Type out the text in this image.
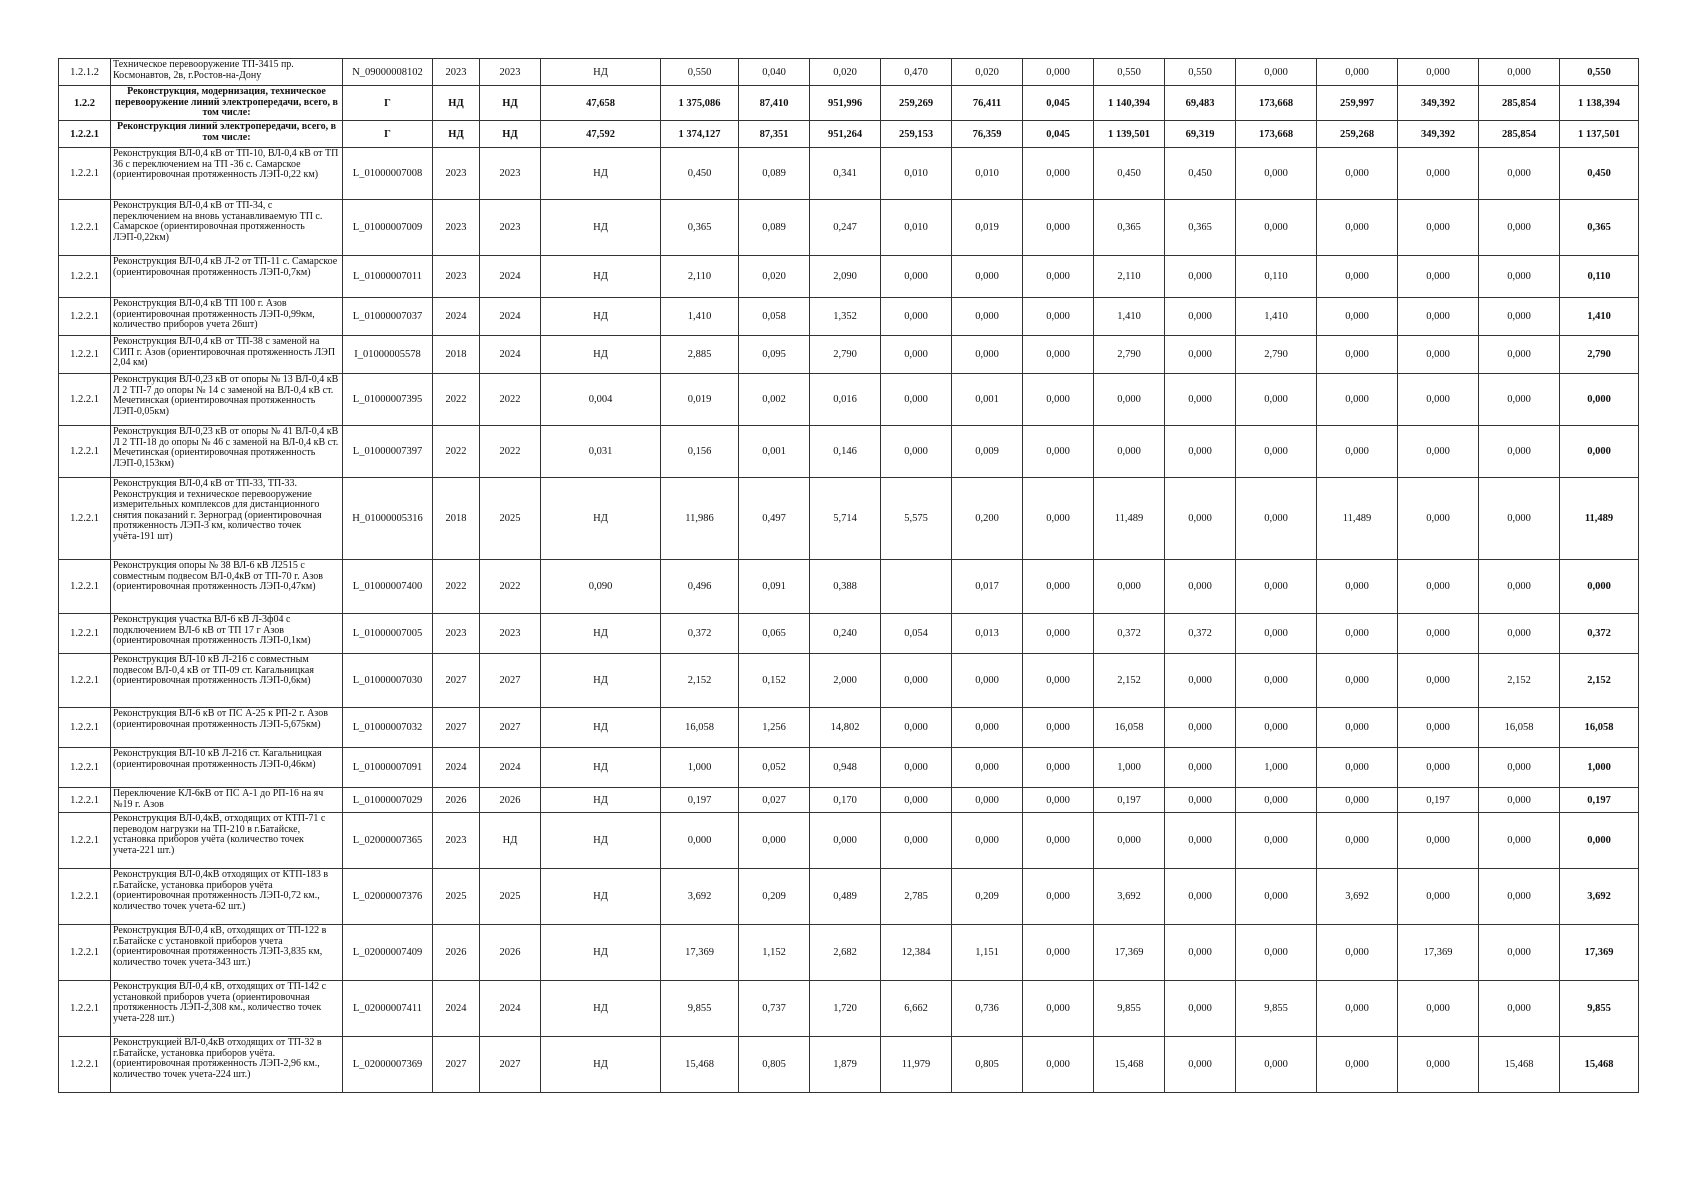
1.2.1.2	Техническое перевооружение ТП-3415 пр. Космонавтов, 2в, г.Ростов-на-Дону	N_09000008102	2023	2023	НД	0,550	0,040	0,020	0,470	0,020	0,000	0,550	0,550	0,000	0,000	0,000	0,000	0,550
1.2.2	Реконструкция, модернизация, техническое перевооружение линий электропередачи, всего, в том числе:	Г	НД	НД	47,658	1 375,086	87,410	951,996	259,269	76,411	0,045	1 140,394	69,483	173,668	259,997	349,392	285,854	1 138,394
1.2.2.1	Реконструкция линий электропередачи, всего, в том числе:	Г	НД	НД	47,592	1 374,127	87,351	951,264	259,153	76,359	0,045	1 139,501	69,319	173,668	259,268	349,392	285,854	1 137,501
1.2.2.1	Реконструкция ВЛ-0,4 кВ от ТП-10, ВЛ-0,4 кВ от ТП 36 с переключением на ТП -36 с. Самарское (ориентировочная протяженность ЛЭП-0,22 км)	L_01000007008	2023	2023	НД	0,450	0,089	0,341	0,010	0,010	0,000	0,450	0,450	0,000	0,000	0,000	0,000	0,450
1.2.2.1	Реконструкция ВЛ-0,4 кВ от ТП-34, с переключением на вновь устанавливаемую ТП с. Самарское (ориентировочная протяженность ЛЭП-0,22км)	L_01000007009	2023	2023	НД	0,365	0,089	0,247	0,010	0,019	0,000	0,365	0,365	0,000	0,000	0,000	0,000	0,365
1.2.2.1	Реконструкция ВЛ-0,4 кВ Л-2 от ТП-11 с. Самарское (ориентировочная протяженность ЛЭП-0,7км)	L_01000007011	2023	2024	НД	2,110	0,020	2,090	0,000	0,000	0,000	2,110	0,000	0,110	0,000	0,000	0,000	0,110
1.2.2.1	Реконструкция ВЛ-0,4 кВ ТП 100 г. Азов (ориентировочная протяженность ЛЭП-0,99км, количество приборов учета 26шт)	L_01000007037	2024	2024	НД	1,410	0,058	1,352	0,000	0,000	0,000	1,410	0,000	1,410	0,000	0,000	0,000	1,410
1.2.2.1	Реконструкция ВЛ-0,4 кВ от ТП-38 с заменой на СИП г. Азов (ориентировочная протяженность ЛЭП 2,04 км)	I_01000005578	2018	2024	НД	2,885	0,095	2,790	0,000	0,000	0,000	2,790	0,000	2,790	0,000	0,000	0,000	2,790
1.2.2.1	Реконструкция ВЛ-0,23 кВ от опоры № 13 ВЛ-0,4 кВ Л 2 ТП-7 до опоры № 14 с заменой на ВЛ-0,4 кВ ст. Мечетинская (ориентировочная протяженность ЛЭП-0,05км)	L_01000007395	2022	2022	0,004	0,019	0,002	0,016	0,000	0,001	0,000	0,000	0,000	0,000	0,000	0,000	0,000	0,000
1.2.2.1	Реконструкция ВЛ-0,23 кВ от опоры № 41 ВЛ-0,4 кВ Л 2 ТП-18 до опоры № 46 с заменой на ВЛ-0,4 кВ ст. Мечетинская (ориентировочная протяженность ЛЭП-0,153км)	L_01000007397	2022	2022	0,031	0,156	0,001	0,146	0,000	0,009	0,000	0,000	0,000	0,000	0,000	0,000	0,000	0,000
1.2.2.1	Реконструкция ВЛ-0,4 кВ от ТП-33, ТП-33. Реконструкция и техническое перевооружение измерительных комплексов для дистанционного снятия показаний г. Зерноград (ориентировочная протяженность ЛЭП-3 км, количество точек учёта-191 шт)	H_01000005316	2018	2025	НД	11,986	0,497	5,714	5,575	0,200	0,000	11,489	0,000	0,000	11,489	0,000	0,000	11,489
1.2.2.1	Реконструкция опоры № 38 ВЛ-6 кВ Л2515 с совместным подвесом ВЛ-0,4кВ от ТП-70 г. Азов (ориентировочная протяженность ЛЭП-0,47км)	L_01000007400	2022	2022	0,090	0,496	0,091	0,388		0,017	0,000	0,000	0,000	0,000	0,000	0,000	0,000	0,000
1.2.2.1	Реконструкция участка ВЛ-6 кВ Л-3ф04 с подключением ВЛ-6 кВ от ТП 17 г Азов (ориентировочная протяженность ЛЭП-0,1км)	L_01000007005	2023	2023	НД	0,372	0,065	0,240	0,054	0,013	0,000	0,372	0,372	0,000	0,000	0,000	0,000	0,372
1.2.2.1	Реконструкция ВЛ-10 кВ Л-216 с совместным подвесом ВЛ-0,4 кВ от ТП-09 ст. Кагальницкая (ориентировочная протяженность ЛЭП-0,6км)	L_01000007030	2027	2027	НД	2,152	0,152	2,000	0,000	0,000	0,000	2,152	0,000	0,000	0,000	0,000	2,152	2,152
1.2.2.1	Реконструкция ВЛ-6 кВ от ПС А-25 к РП-2 г. Азов (ориентировочная протяженность ЛЭП-5,675км)	L_01000007032	2027	2027	НД	16,058	1,256	14,802	0,000	0,000	0,000	16,058	0,000	0,000	0,000	0,000	16,058	16,058
1.2.2.1	Реконструкция ВЛ-10 кВ Л-216 ст. Кагальницкая (ориентировочная протяженность ЛЭП-0,46км)	L_01000007091	2024	2024	НД	1,000	0,052	0,948	0,000	0,000	0,000	1,000	0,000	1,000	0,000	0,000	0,000	1,000
1.2.2.1	Переключение КЛ-6кВ от ПС А-1 до РП-16 на яч №19 г. Азов	L_01000007029	2026	2026	НД	0,197	0,027	0,170	0,000	0,000	0,000	0,197	0,000	0,000	0,000	0,197	0,000	0,197
1.2.2.1	Реконструкция ВЛ-0,4кВ, отходящих от КТП-71 с переводом нагрузки на ТП-210 в г.Батайске, установка приборов учёта (количество точек учета-221 шт.)	L_02000007365	2023	НД	НД	0,000	0,000	0,000	0,000	0,000	0,000	0,000	0,000	0,000	0,000	0,000	0,000	0,000
1.2.2.1	Реконструкция ВЛ-0,4кВ отходящих от КТП-183 в г.Батайске, установка приборов учёта (ориентировочная протяженность ЛЭП-0,72 км., количество точек учета-62 шт.)	L_02000007376	2025	2025	НД	3,692	0,209	0,489	2,785	0,209	0,000	3,692	0,000	0,000	3,692	0,000	0,000	3,692
1.2.2.1	Реконструкция ВЛ-0,4 кВ, отходящих от ТП-122 в г.Батайске с установкой приборов учета (ориентировочная протяженность ЛЭП-3,835 км, количество точек учета-343 шт.)	L_02000007409	2026	2026	НД	17,369	1,152	2,682	12,384	1,151	0,000	17,369	0,000	0,000	0,000	17,369	0,000	17,369
1.2.2.1	Реконструкция ВЛ-0,4 кВ, отходящих от ТП-142 с установкой приборов учета (ориентировочная протяженность ЛЭП-2,308 км., количество точек учета-228 шт.)	L_02000007411	2024	2024	НД	9,855	0,737	1,720	6,662	0,736	0,000	9,855	0,000	9,855	0,000	0,000	0,000	9,855
1.2.2.1	Реконструкцией ВЛ-0,4кВ отходящих от ТП-32 в г.Батайске, установка приборов учёта. (ориентировочная протяженность ЛЭП-2,96 км., количество точек учета-224 шт.)	L_02000007369	2027	2027	НД	15,468	0,805	1,879	11,979	0,805	0,000	15,468	0,000	0,000	0,000	0,000	15,468	15,468
